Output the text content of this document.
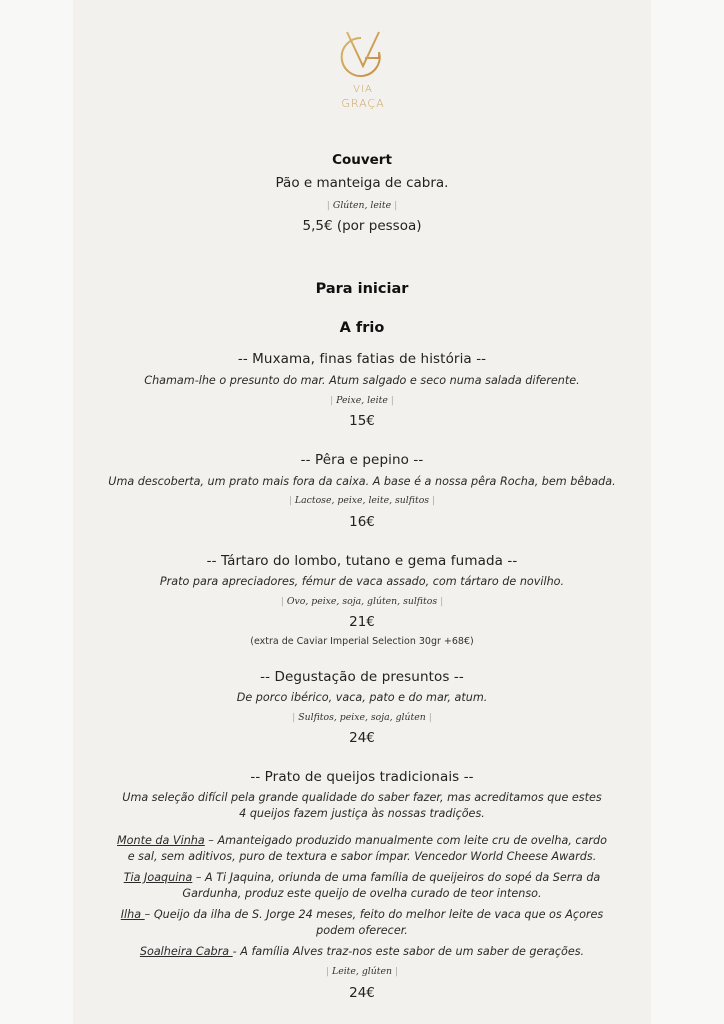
VIA
GRAÇA
Couvert
Pão e manteiga de cabra.
| Glúten, leite |
5,5€ (por pessoa)
Para iniciar
A frio
-- Muxama, finas fatias de história --
Chamam-lhe o presunto do mar. Atum salgado e seco numa salada diferente.
| Peixe, leite |
15€
-- Pêra e pepino --
Uma descoberta, um prato mais fora da caixa. A base é a nossa pêra Rocha, bem bêbada.
| Lactose, peixe, leite, sulfitos |
16€
-- Tártaro do lombo, tutano e gema fumada --
Prato para apreciadores, fémur de vaca assado, com tártaro de novilho.
| Ovo, peixe, soja, glúten, sulfitos |
21€
(extra de Caviar Imperial Selection 30gr +68€)
-- Degustação de presuntos --
De porco ibérico, vaca, pato e do mar, atum.
| Sulfitos, peixe, soja, glúten |
24€
-- Prato de queijos tradicionais --
Uma seleção difícil pela grande qualidade do saber fazer, mas acreditamos que estes
4 queijos fazem justiça às nossas tradições.
Monte da Vinha – Amanteigado produzido manualmente com leite cru de ovelha, cardo
e sal, sem aditivos, puro de textura e sabor ímpar. Vencedor World Cheese Awards.
Tia Joaquina – A Ti Jaquina, oriunda de uma família de queijeiros do sopé da Serra da
Gardunha, produz este queijo de ovelha curado de teor intenso.
Ilha – Queijo da ilha de S. Jorge 24 meses, feito do melhor leite de vaca que os Açores
podem oferecer.
Soalheira Cabra - A família Alves traz-nos este sabor de um saber de gerações.
| Leite, glúten |
24€
